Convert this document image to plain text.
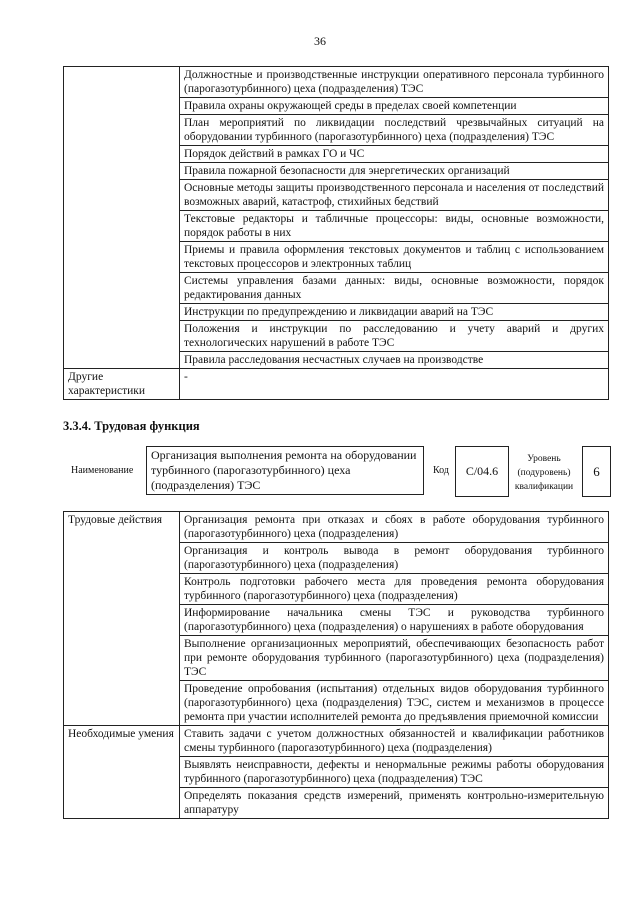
36
	Должностные и производственные инструкции оперативного персонала турбинного (парогазотурбинного) цеха (подразделения) ТЭС
	Правила охраны окружающей среды в пределах своей компетенции
	План мероприятий по ликвидации последствий чрезвычайных ситуаций на оборудовании турбинного (парогазотурбинного) цеха (подразделения) ТЭС
	Порядок действий в рамках ГО и ЧС
	Правила пожарной безопасности для энергетических организаций
	Основные методы защиты производственного персонала и населения от последствий возможных аварий, катастроф, стихийных бедствий
	Текстовые редакторы и табличные процессоры: виды, основные возможности, порядок работы в них
	Приемы и правила оформления текстовых документов и таблиц с использованием текстовых процессоров и электронных таблиц
	Системы управления базами данных: виды, основные возможности, порядок редактирования данных
	Инструкции по предупреждению и ликвидации аварий на ТЭС
	Положения и инструкции по расследованию и учету аварий и других технологических нарушений в работе ТЭС
	Правила расследования несчастных случаев на производстве
Другие характеристики	-
3.3.4. Трудовая функция
Наименование
Организация выполнения ремонта на оборудовании турбинного (парогазотурбинного) цеха (подразделения) ТЭС
Код	C/04.6
Уровень (подуровень) квалификации
6
Трудовые действия	Организация ремонта при отказах и сбоях в работе оборудования турбинного (парогазотурбинного) цеха (подразделения)
	Организация и контроль вывода в ремонт оборудования турбинного (парогазотурбинного) цеха (подразделения)
	Контроль подготовки рабочего места для проведения ремонта оборудования турбинного (парогазотурбинного) цеха (подразделения)
	Информирование начальника смены ТЭС и руководства турбинного (парогазотурбинного) цеха (подразделения) о нарушениях в работе оборудования
	Выполнение организационных мероприятий, обеспечивающих безопасность работ при ремонте оборудования турбинного (парогазотурбинного) цеха (подразделения) ТЭС
	Проведение опробования (испытания) отдельных видов оборудования турбинного (парогазотурбинного) цеха (подразделения) ТЭС, систем и механизмов в процессе ремонта при участии исполнителей ремонта до предъявления приемочной комиссии
Необходимые умения	Ставить задачи с учетом должностных обязанностей и квалификации работников смены турбинного (парогазотурбинного) цеха (подразделения)
	Выявлять неисправности, дефекты и ненормальные режимы работы оборудования турбинного (парогазотурбинного) цеха (подразделения) ТЭС
	Определять показания средств измерений, применять контрольно-измерительную аппаратуру
